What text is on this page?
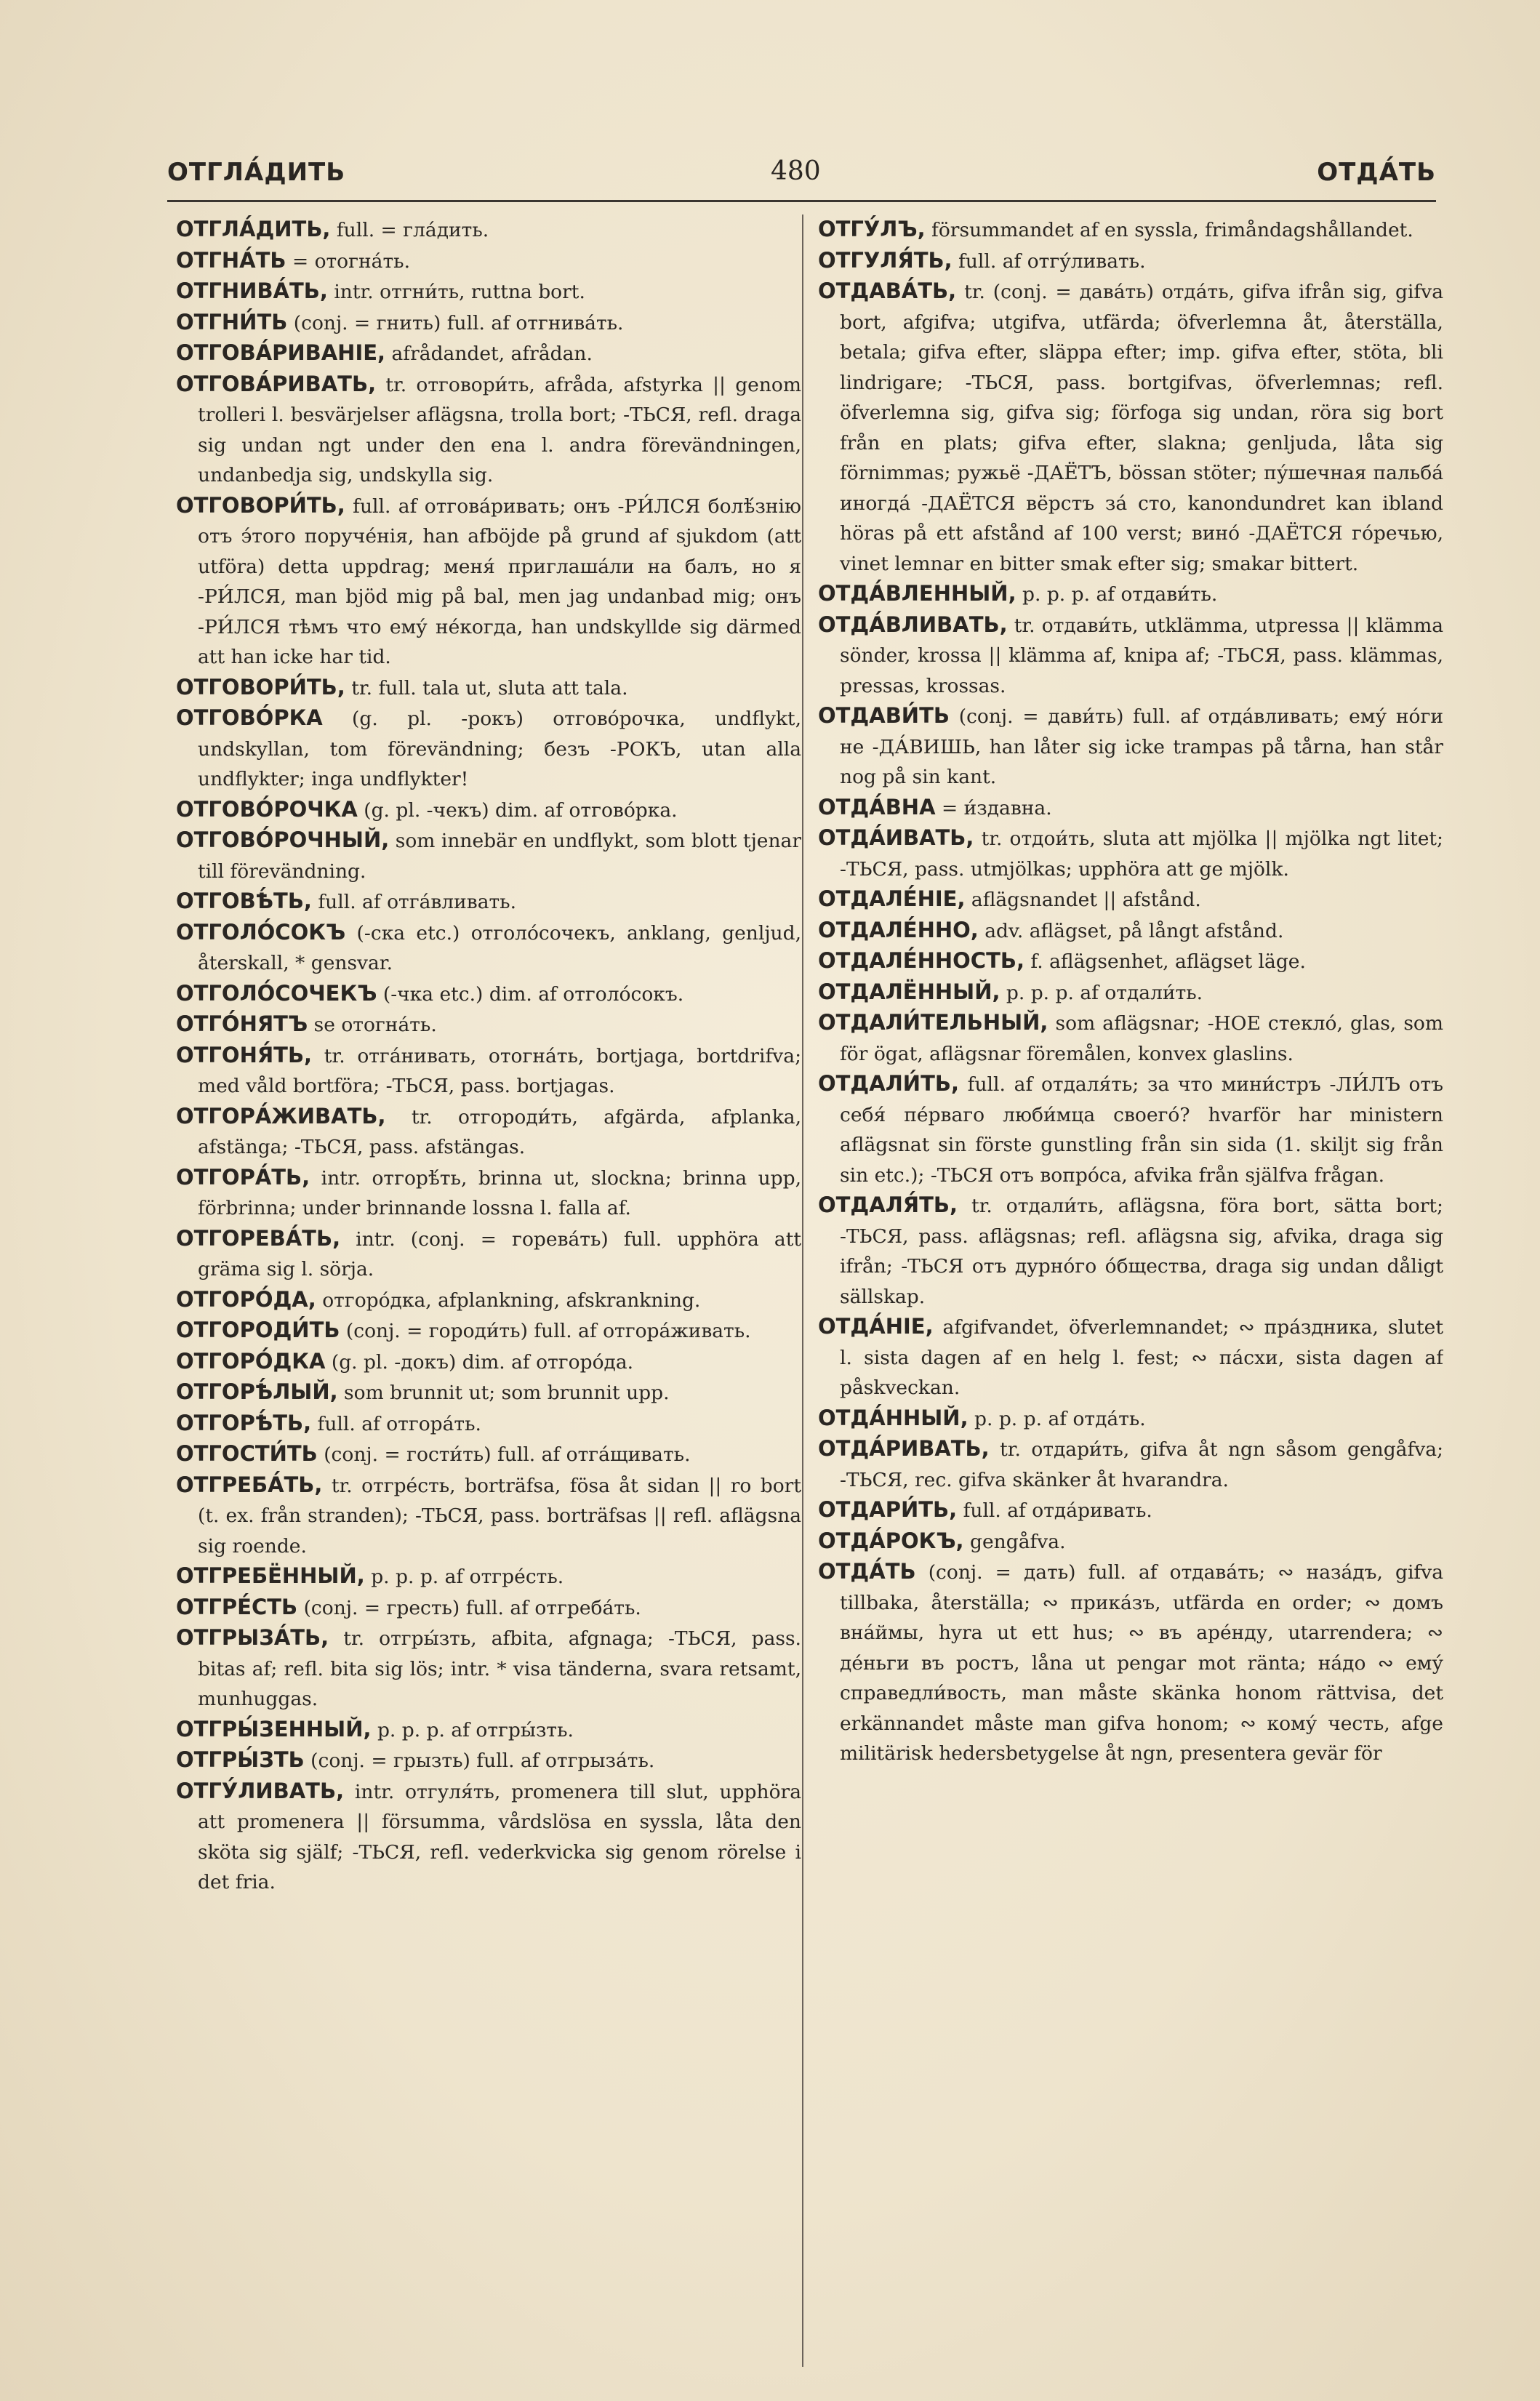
ОТГЛА́ДИТЬ	480	ОТДА́ТЬ

ОТГЛА́ДИТЬ, full. = гла́дить.

ОТГНА́ТЬ = отогна́ть.

ОТГНИВА́ТЬ, intr. отгни́ть, ruttna bort.

ОТГНИ́ТЬ (conj. = гнить) full. af отгнива́ть.

ОТГОВА́РИВАНІЕ, afrådandet, afrådan.

ОТГОВА́РИВАТЬ, tr. отговори́ть, afråda, afstyrka || genom trolleri l. besvärjelser aflägsna, trolla bort; -ТЬСЯ, refl. draga sig undan ngt under den ena l. andra förevändningen, undanbedja sig, undskylla sig.

ОТГОВОРИ́ТЬ, full. af отгова́ривать; онъ -РИ́ЛСЯ болѣ́знію отъ э́того поруче́нія, han afböjde på grund af sjukdom (att utföra) detta uppdrag; меня́ приглаша́ли на балъ, но я -РИ́ЛСЯ, man bjöd mig på bal, men jag undanbad mig; онъ -РИ́ЛСЯ тѣмъ что ему́ не́когда, han undskyllde sig därmed att han icke har tid.

ОТГОВОРИ́ТЬ, tr. full. tala ut, sluta att tala.

ОТГОВО́РКА (g. pl. -рокъ) отгово́рочка, undflykt, undskyllan, tom förevändning; безъ -РОКЪ, utan alla undflykter; inga undflykter!

ОТГОВО́РОЧКА (g. pl. -чекъ) dim. af отгово́рка.

ОТГОВО́РОЧНЫЙ, som innebär en undflykt, som blott tjenar till förevändning.

ОТГОВѢ́ТЬ, full. af отга́вливать.

ОТГОЛО́СОКЪ (-ска etc.) отголо́сочекъ, anklang, genljud, återskall, * gensvar.

ОТГОЛО́СОЧЕКЪ (-чка etc.) dim. af отголо́сокъ.

ОТГО́НЯТЪ se отогна́ть.

ОТГОНЯ́ТЬ, tr. отга́нивать, отогна́ть, bortjaga, bortdrifva; med våld bortföra; -ТЬСЯ, pass. bortjagas.

ОТГОРА́ЖИВАТЬ, tr. отгороди́ть, afgärda, afplanka, afstänga; -ТЬСЯ, pass. afstängas.

ОТГОРА́ТЬ, intr. отгорѣ́ть, brinna ut, slockna; brinna upp, förbrinna; under brinnande lossna l. falla af.

ОТГОРЕВА́ТЬ, intr. (conj. = горева́ть) full. upphöra att gräma sig l. sörja.

ОТГОРО́ДА, отгоро́дка, afplankning, afskrankning.

ОТГОРОДИ́ТЬ (conj. = городи́ть) full. af отгора́живать.

ОТГОРО́ДКА (g. pl. -докъ) dim. af отгоро́да.

ОТГОРѢ́ЛЫЙ, som brunnit ut; som brunnit upp.

ОТГОРѢ́ТЬ, full. af отгора́ть.

ОТГОСТИ́ТЬ (conj. = гости́ть) full. af отга́щивать.

ОТГРЕБА́ТЬ, tr. отгре́сть, borträfsa, fösa åt sidan || ro bort (t. ex. från stranden); -ТЬСЯ, pass. borträfsas || refl. aflägsna sig roende.

ОТГРЕБЁННЫЙ, p. p. p. af отгре́сть.

ОТГРЕ́СТЬ (conj. = гресть) full. af отгреба́ть.

ОТГРЫЗА́ТЬ, tr. отгры́зть, afbita, afgnaga; -ТЬСЯ, pass. bitas af; refl. bita sig lös; intr. * visa tänderna, svara retsamt, munhuggas.

ОТГРЫ́ЗЕННЫЙ, p. p. p. af отгры́зть.

ОТГРЫ́ЗТЬ (conj. = грызть) full. af отгрыза́ть.

ОТГУ́ЛИВАТЬ, intr. отгуля́ть, promenera till slut, upphöra att promenera || försumma, vårdslösa en syssla, låta den sköta sig själf; -ТЬСЯ, refl. vederkvicka sig genom rörelse i det fria.

ОТГУ́ЛЪ, försummandet af en syssla, frimåndagshållandet.

ОТГУЛЯ́ТЬ, full. af отгу́ливать.

ОТДАВА́ТЬ, tr. (conj. = дава́ть) отда́ть, gifva ifrån sig, gifva bort, afgifva; utgifva, utfärda; öfverlemna åt, återställa, betala; gifva efter, släppa efter; imp. gifva efter, stöta, bli lindrigare; -ТЬСЯ, pass. bortgifvas, öfverlemnas; refl. öfverlemna sig, gifva sig; förfoga sig undan, röra sig bort från en plats; gifva efter, slakna; genljuda, låta sig förnimmas; ружьё -ДАЁТЪ, bössan stöter; пу́шечная пальба́ иногда́ -ДАЁТСЯ вёрстъ за́ сто, kanondundret kan ibland höras på ett afstånd af 100 verst; вино́ -ДАЁТСЯ го́речью, vinet lemnar en bitter smak efter sig; smakar bittert.

ОТДА́ВЛЕННЫЙ, p. p. p. af отдави́ть.

ОТДА́ВЛИВАТЬ, tr. отдави́ть, utklämma, utpressa || klämma sönder, krossa || klämma af, knipa af; -ТЬСЯ, pass. klämmas, pressas, krossas.

ОТДАВИ́ТЬ (conj. = дави́ть) full. af отда́вливать; ему́ но́ги не -ДА́ВИШЬ, han låter sig icke trampas på tårna, han står nog på sin kant.

ОТДА́ВНА = и́здавна.

ОТДА́ИВАТЬ, tr. отдои́ть, sluta att mjölka || mjölka ngt litet; -ТЬСЯ, pass. utmjölkas; upphöra att ge mjölk.

ОТДАЛЕ́НІЕ, aflägsnandet || afstånd.

ОТДАЛЕ́ННО, adv. aflägset, på långt afstånd.

ОТДАЛЕ́ННОСТЬ, f. aflägsenhet, aflägset läge.

ОТДАЛЁННЫЙ, p. p. p. af отдали́ть.

ОТДАЛИ́ТЕЛЬНЫЙ, som aflägsnar; -НОЕ стекло́, glas, som för ögat, aflägsnar föremålen, konvex glaslins.

ОТДАЛИ́ТЬ, full. af отдаля́ть; за что мини́стръ -ЛИ́ЛЪ отъ себя́ пе́рваго люби́мца своего́? hvarför har ministern aflägsnat sin förste gunstling från sin sida (1. skiljt sig från sin etc.); -ТЬСЯ отъ вопро́са, afvika från själfva frågan.

ОТДАЛЯ́ТЬ, tr. отдали́ть, aflägsna, föra bort, sätta bort; -ТЬСЯ, pass. aflägsnas; refl. aflägsna sig, afvika, draga sig ifrån; -ТЬСЯ отъ дурно́го о́бщества, draga sig undan dåligt sällskap.

ОТДА́НІЕ, afgifvandet, öfverlemnandet; ∾ пра́здника, slutet l. sista dagen af en helg l. fest; ∾ па́схи, sista dagen af påskveckan.

ОТДА́ННЫЙ, p. p. p. af отда́ть.

ОТДА́РИВАТЬ, tr. отдари́ть, gifva åt ngn såsom gengåfva; -ТЬСЯ, rec. gifva skänker åt hvarandra.

ОТДАРИ́ТЬ, full. af отда́ривать.

ОТДА́РОКЪ, gengåfva.

ОТДА́ТЬ (conj. = дать) full. af отдава́ть; ∾ наза́дъ, gifva tillbaka, återställa; ∾ прика́зъ, utfärda en order; ∾ домъ вна́ймы, hyra ut ett hus; ∾ въ аре́нду, utarrendera; ∾ де́ньги въ ростъ, låna ut pengar mot ränta; на́до ∾ ему́ справедли́вость, man måste skänka honom rättvisa, det erkännandet måste man gifva honom; ∾ кому́ честь, afge militärisk hedersbetygelse åt ngn, presentera gevär för
